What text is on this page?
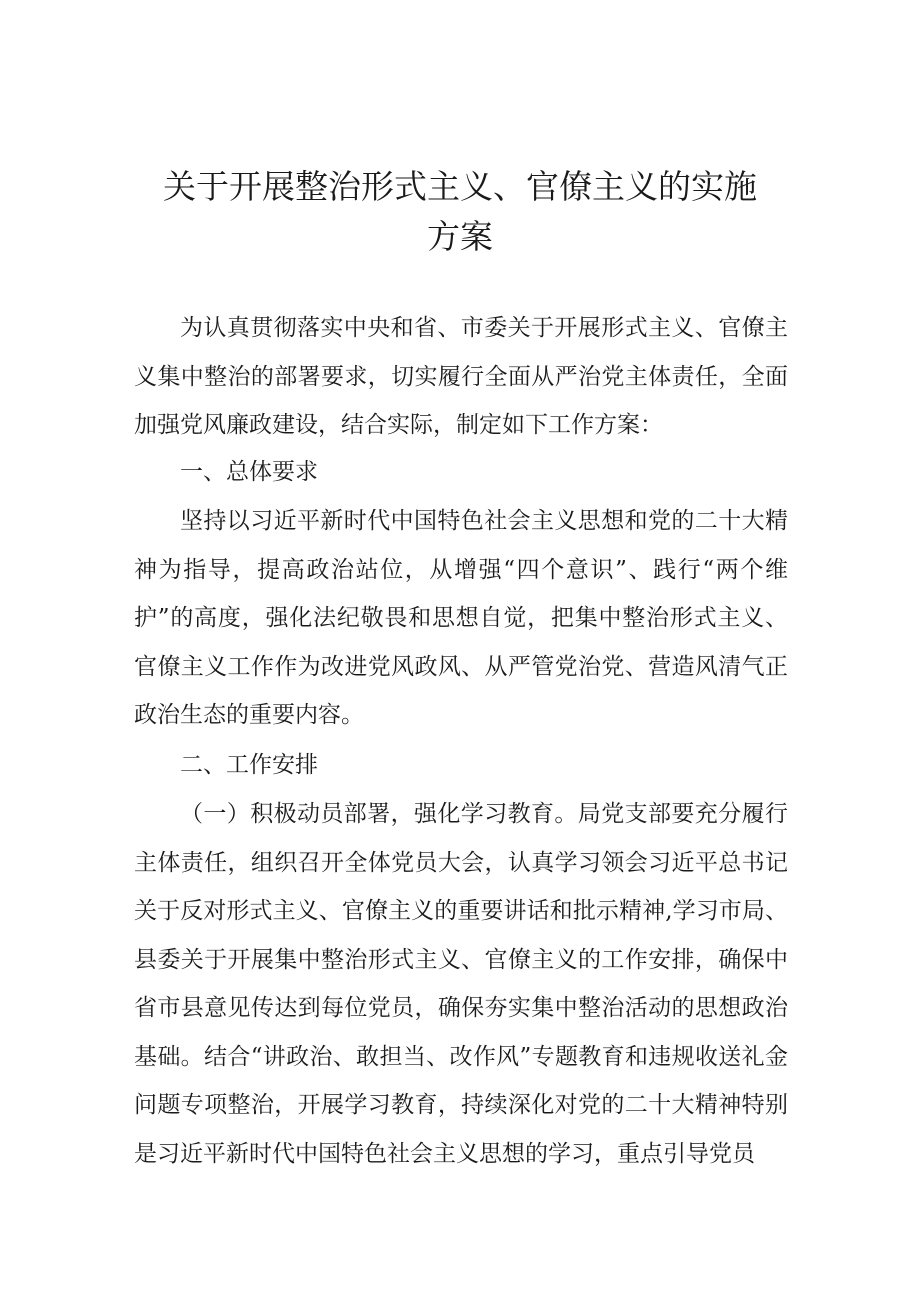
关于开展整治形式主义、官僚主义的实施
方案

为认真贯彻落实中央和省、市委关于开展形式主义、官僚主义集中整治的部署要求，切实履行全面从严治党主体责任，全面加强党风廉政建设，结合实际，制定如下工作方案：

一、总体要求

坚持以习近平新时代中国特色社会主义思想和党的二十大精神为指导，提高政治站位，从增强“四个意识”、践行“两个维护”的高度，强化法纪敬畏和思想自觉，把集中整治形式主义、官僚主义工作作为改进党风政风、从严管党治党、营造风清气正政治生态的重要内容。

二、工作安排

（一）积极动员部署，强化学习教育。局党支部要充分履行主体责任，组织召开全体党员大会，认真学习领会习近平总书记关于反对形式主义、官僚主义的重要讲话和批示精神,学习市局、县委关于开展集中整治形式主义、官僚主义的工作安排，确保中省市县意见传达到每位党员，确保夯实集中整治活动的思想政治基础。结合“讲政治、敢担当、改作风”专题教育和违规收送礼金问题专项整治，开展学习教育，持续深化对党的二十大精神特别是习近平新时代中国特色社会主义思想的学习，重点引导党员
